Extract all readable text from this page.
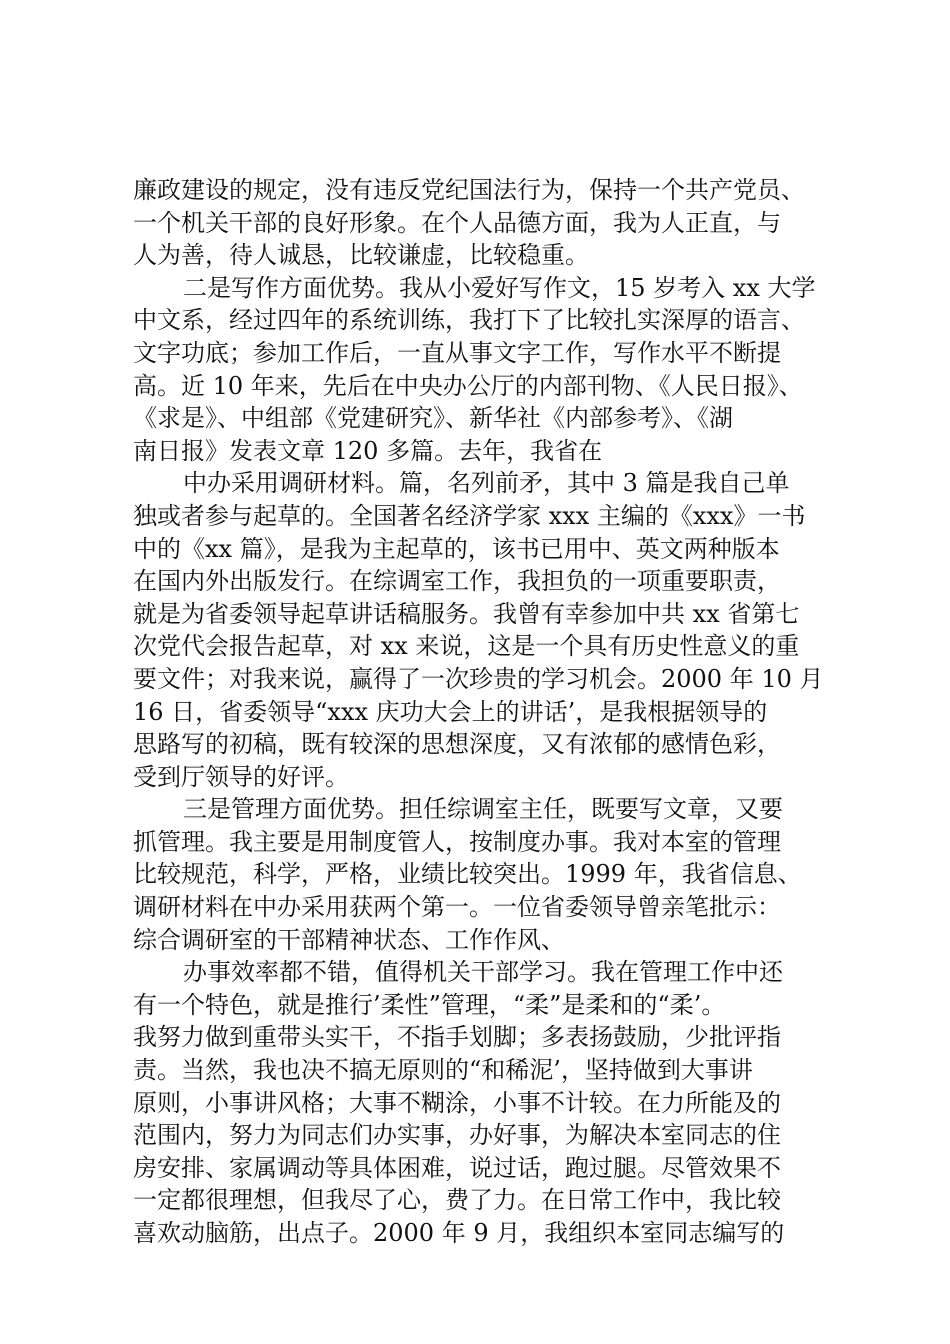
廉政建设的规定，没有违反党纪国法行为，保持一个共产党员、
一个机关干部的良好形象。在个人品德方面，我为人正直，与
人为善，待人诚恳，比较谦虚，比较稳重。
二是写作方面优势。我从小爱好写作文，15 岁考入 xx 大学
中文系，经过四年的系统训练，我打下了比较扎实深厚的语言、
文字功底；参加工作后，一直从事文字工作，写作水平不断提
高。近 10 年来，先后在中央办公厅的内部刊物、《人民日报》、
《求是》、中组部《党建研究》、新华社《内部参考》、《湖
南日报》发表文章 120 多篇。去年，我省在
中办采用调研材料。篇，名列前矛，其中 3 篇是我自己单
独或者参与起草的。全国著名经济学家 xxx 主编的《xxx》一书
中的《xx 篇》，是我为主起草的，该书已用中、英文两种版本
在国内外出版发行。在综调室工作，我担负的一项重要职责，
就是为省委领导起草讲话稿服务。我曾有幸参加中共 xx 省第七
次党代会报告起草，对 xx 来说，这是一个具有历史性意义的重
要文件；对我来说，赢得了一次珍贵的学习机会。2000 年 10 月
16 日，省委领导“xxx 庆功大会上的讲话’，是我根据领导的
思路写的初稿，既有较深的思想深度，又有浓郁的感情色彩，
受到厅领导的好评。
三是管理方面优势。担任综调室主任，既要写文章，又要
抓管理。我主要是用制度管人，按制度办事。我对本室的管理
比较规范，科学，严格，业绩比较突出。1999 年，我省信息、
调研材料在中办采用获两个第一。一位省委领导曾亲笔批示：
综合调研室的干部精神状态、工作作风、
办事效率都不错，值得机关干部学习。我在管理工作中还
有一个特色，就是推行’柔性”管理，“柔”是柔和的“柔’。
我努力做到重带头实干，不指手划脚；多表扬鼓励，少批评指
责。当然，我也决不搞无原则的“和稀泥’，坚持做到大事讲
原则，小事讲风格；大事不糊涂，小事不计较。在力所能及的
范围内，努力为同志们办实事，办好事，为解决本室同志的住
房安排、家属调动等具体困难，说过话，跑过腿。尽管效果不
一定都很理想，但我尽了心，费了力。在日常工作中，我比较
喜欢动脑筋，出点子。2000 年 9 月，我组织本室同志编写的
